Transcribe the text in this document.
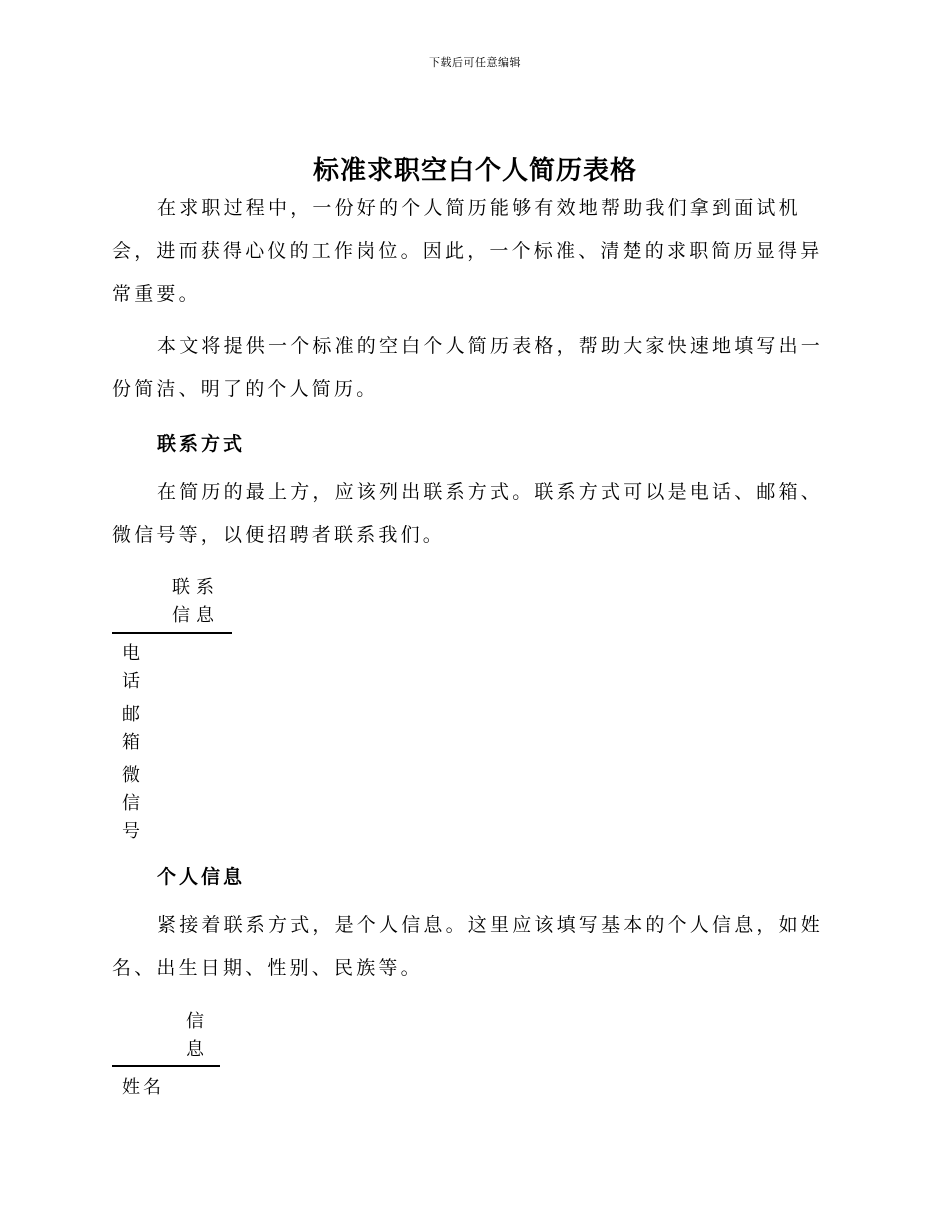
下载后可任意编辑
标准求职空白个人简历表格

在求职过程中，一份好的个人简历能够有效地帮助我们拿到面试机会，进而获得心仪的工作岗位。因此，一个标准、清楚的求职简历显得异常重要。

本文将提供一个标准的空白个人简历表格，帮助大家快速地填写出一份简洁、明了的个人简历。

联系方式

在简历的最上方，应该列出联系方式。联系方式可以是电话、邮箱、微信号等，以便招聘者联系我们。

联系信息
电话
邮箱
微信号
个人信息

紧接着联系方式，是个人信息。这里应该填写基本的个人信息，如姓名、出生日期、性别、民族等。

信息
姓名
